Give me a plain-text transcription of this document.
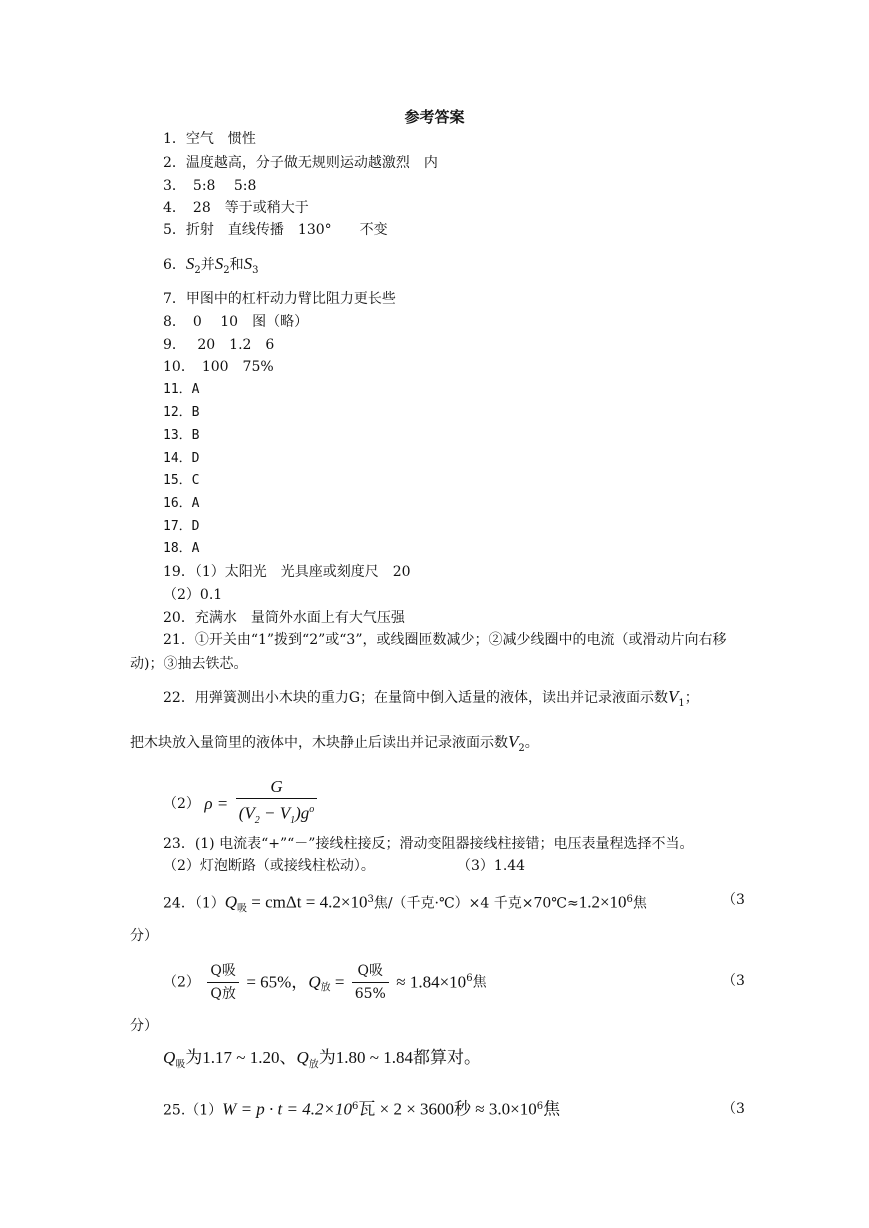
参考答案
1．空气　惯性
2．温度越高，分子做无规则运动越激烈　内
3．　5:8　 5:8
4．　28　等于或稍大于
5．折射　直线传播　130°　　不变
6．$S_2$并$S_2$和$S_3$
7．甲图中的杠杆动力臂比阻力更长些
8．　0　 10　图（略）
9．　 20　1.2　6
10．　100　75%
11．A
12．B
13．B
14．D
15．C
16．A
17．D
18．A
19．（1）太阳光　光具座或刻度尺　20
（2）0.1
20．充满水　量筒外水面上有大气压强
21．①开关由“1”拨到“2”或“3”，或线圈匝数减少；②减少线圈中的电流（或滑动片向右移动)；③抽去铁芯。
22．用弹簧测出小木块的重力G；在量筒中倒入适量的液体，读出并记录液面示数$V_1$；
把木块放入量筒里的液体中，木块静止后读出并记录液面示数$V_2$。
（2） $\rho = \frac{G}{(V_2 - V_1)g^o}$
23．(1) 电流表“+”“－”接线柱接反；滑动变阻器接线柱接错；电压表量程选择不当。
（2）灯泡断路（或接线柱松动）。	（3）1.44
24．$(1)Q_吸 = cm\Delta t = 4.2\times 10^3$焦/（千克·℃）×4 千克$\times 70℃\approx 1.2\times 10^6$焦	（3
分）
$(2) \frac{\text{Q吸}}{\text{Q放}} = 65\%$，$Q_放 = \frac{\text{Q吸}}{65\%} \approx 1.84\times 10^6$焦	（3
分）
$Q_吸$为1.17 ~ 1.20、$Q_放$为1.80 ~ 1.84都算对。
$25.(1)W = p \cdot t = 4.2\times 10^6$瓦 × 2 × 3600秒 ≈ $3.0\times 10^6$焦	（3
